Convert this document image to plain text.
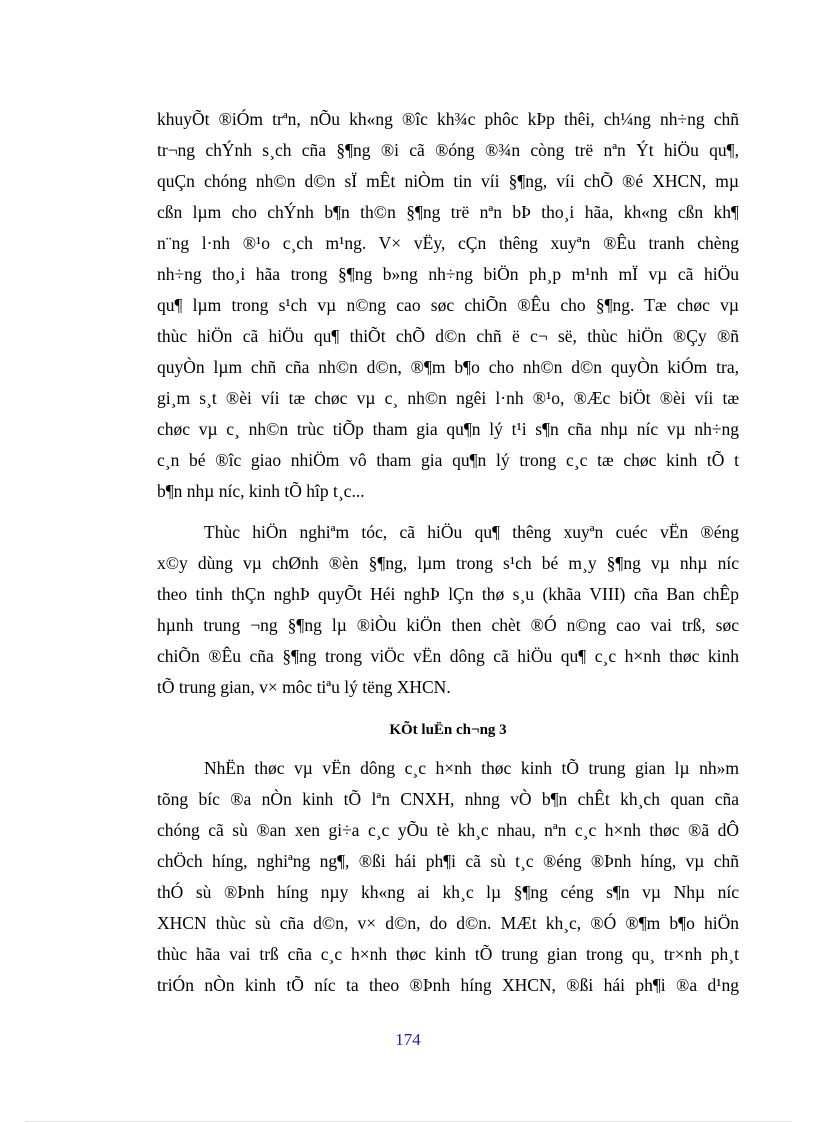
khuyÕt ®iÓm trªn, nÕu kh«ng ®îc kh¾c phôc kÞp thêi, ch¼ng nh÷ng chñ
tr¬ng chÝnh s¸ch cña §¶ng ®i cã ®óng ®¾n còng trë nªn Ýt hiÖu qu¶,
quÇn chóng nh©n d©n sÏ mÊt niÒm tin víi §¶ng, víi chÕ ®é XHCN, mµ
cßn lµm cho chÝnh b¶n th©n §¶ng trë nªn bÞ tho¸i hãa, kh«ng cßn kh¶
n¨ng l·nh ®¹o c¸ch m¹ng. V× vËy, cÇn thêng xuyªn ®Êu tranh chèng
nh÷ng tho¸i hãa trong §¶ng b»ng nh÷ng biÖn ph¸p m¹nh mÏ vµ cã hiÖu
qu¶ lµm trong s¹ch vµ n©ng cao søc chiÕn ®Êu cho §¶ng. Tæ chøc vµ
thùc hiÖn cã hiÖu qu¶ thiÕt chÕ d©n chñ ë c¬ së, thùc hiÖn ®Çy ®ñ
quyÒn lµm chñ cña nh©n d©n, ®¶m b¶o cho nh©n d©n quyÒn kiÓm tra,
gi¸m s¸t ®èi víi tæ chøc vµ c¸ nh©n ngêi l·nh ®¹o, ®Æc biÖt ®èi víi tæ
chøc vµ c¸ nh©n trùc tiÕp tham gia qu¶n lý t¹i s¶n cña nhµ níc vµ nh÷ng
c¸n bé ®îc giao nhiÖm vô tham gia qu¶n lý trong c¸c tæ chøc kinh tÕ t
b¶n nhµ níc, kinh tÕ hîp t¸c...
Thùc hiÖn nghiªm tóc, cã hiÖu qu¶ thêng xuyªn cuéc vËn ®éng
x©y dùng vµ chØnh ®èn §¶ng, lµm trong s¹ch bé m¸y §¶ng vµ nhµ níc
theo tinh thÇn nghÞ quyÕt Héi nghÞ lÇn thø s¸u (khãa VIII) cña Ban chÊp
hµnh trung ¬ng §¶ng lµ ®iÒu kiÖn then chèt ®Ó n©ng cao vai trß, søc
chiÕn ®Êu cña §¶ng trong viÖc vËn dông cã hiÖu qu¶ c¸c h×nh thøc kinh
tÕ trung gian, v× môc tiªu lý tëng XHCN.
KÕt luËn ch¬ng 3
NhËn thøc vµ vËn dông c¸c h×nh thøc kinh tÕ trung gian lµ nh»m
tõng bíc ®a nÒn kinh tÕ lªn CNXH, nhng vÒ b¶n chÊt kh¸ch quan cña
chóng cã sù ®an xen gi÷a c¸c yÕu tè kh¸c nhau, nªn c¸c h×nh thøc ®ã dÔ
chÖch híng, nghiªng ng¶, ®ßi hái ph¶i cã sù t¸c ®éng ®Þnh híng, vµ chñ
thÓ sù ®Þnh híng nµy kh«ng ai kh¸c lµ §¶ng céng s¶n vµ Nhµ níc
XHCN thùc sù cña d©n, v× d©n, do d©n. MÆt kh¸c, ®Ó ®¶m b¶o hiÖn
thùc hãa vai trß cña c¸c h×nh thøc kinh tÕ trung gian trong qu¸ tr×nh ph¸t
triÓn nÒn kinh tÕ níc ta theo ®Þnh híng XHCN, ®ßi hái ph¶i ®a d¹ng
174
